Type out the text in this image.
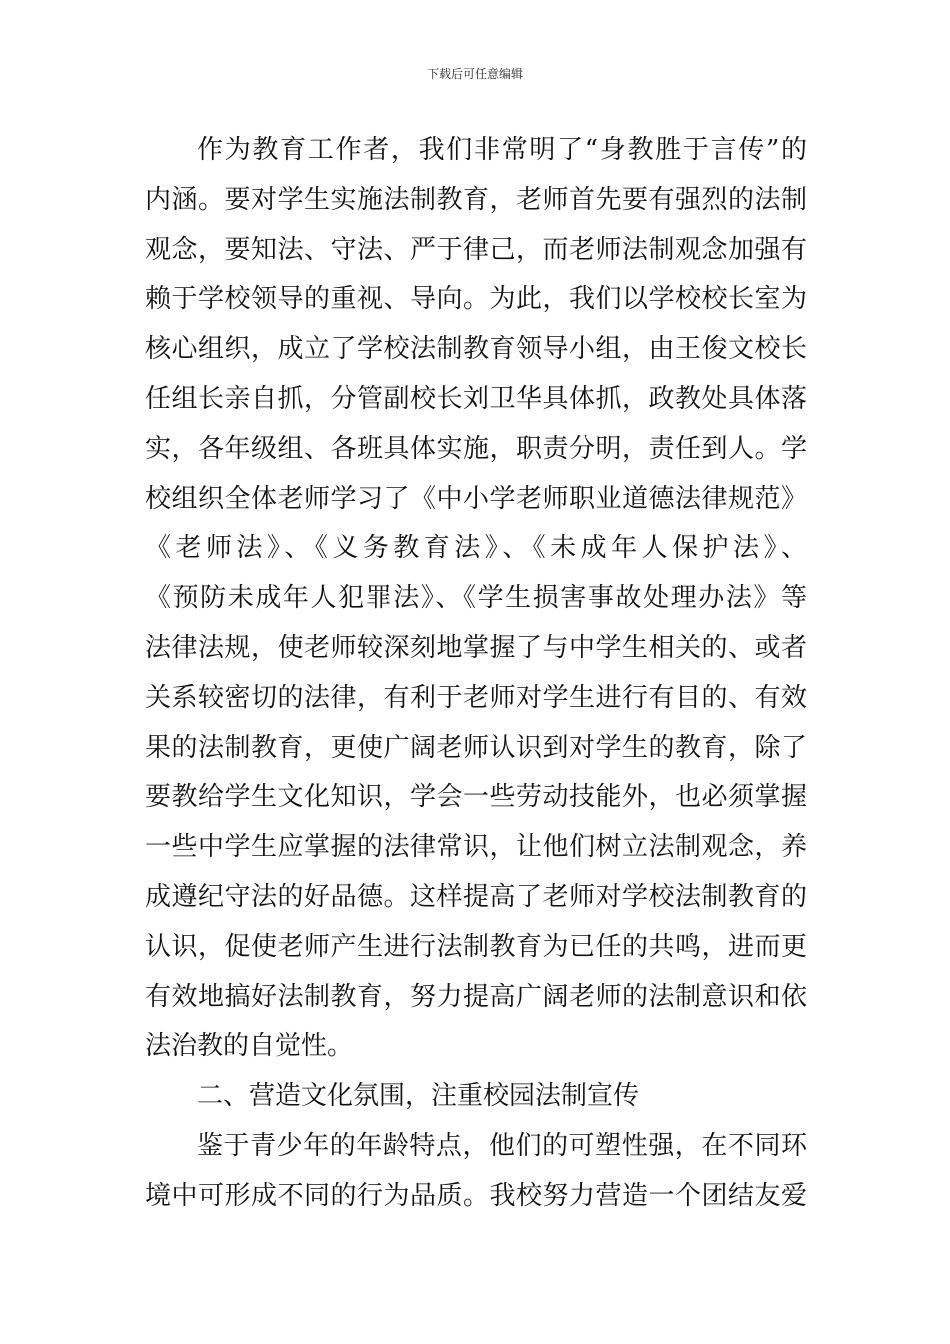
下载后可任意编辑
作为教育工作者，我们非常明了“身教胜于言传”的
内涵。要对学生实施法制教育，老师首先要有强烈的法制
观念，要知法、守法、严于律己，而老师法制观念加强有
赖于学校领导的重视、导向。为此，我们以学校校长室为
核心组织，成立了学校法制教育领导小组，由王俊文校长
任组长亲自抓，分管副校长刘卫华具体抓，政教处具体落
实，各年级组、各班具体实施，职责分明，责任到人。学
校组织全体老师学习了《中小学老师职业道德法律规范》
《老师法》、《义务教育法》、《未成年人保护法》、
《预防未成年人犯罪法》、《学生损害事故处理办法》等
法律法规，使老师较深刻地掌握了与中学生相关的、或者
关系较密切的法律，有利于老师对学生进行有目的、有效
果的法制教育，更使广阔老师认识到对学生的教育，除了
要教给学生文化知识，学会一些劳动技能外，也必须掌握
一些中学生应掌握的法律常识，让他们树立法制观念，养
成遵纪守法的好品德。这样提高了老师对学校法制教育的
认识，促使老师产生进行法制教育为已任的共鸣，进而更
有效地搞好法制教育，努力提高广阔老师的法制意识和依
法治教的自觉性。
二、营造文化氛围，注重校园法制宣传
鉴于青少年的年龄特点，他们的可塑性强，在不同环
境中可形成不同的行为品质。我校努力营造一个团结友爱
